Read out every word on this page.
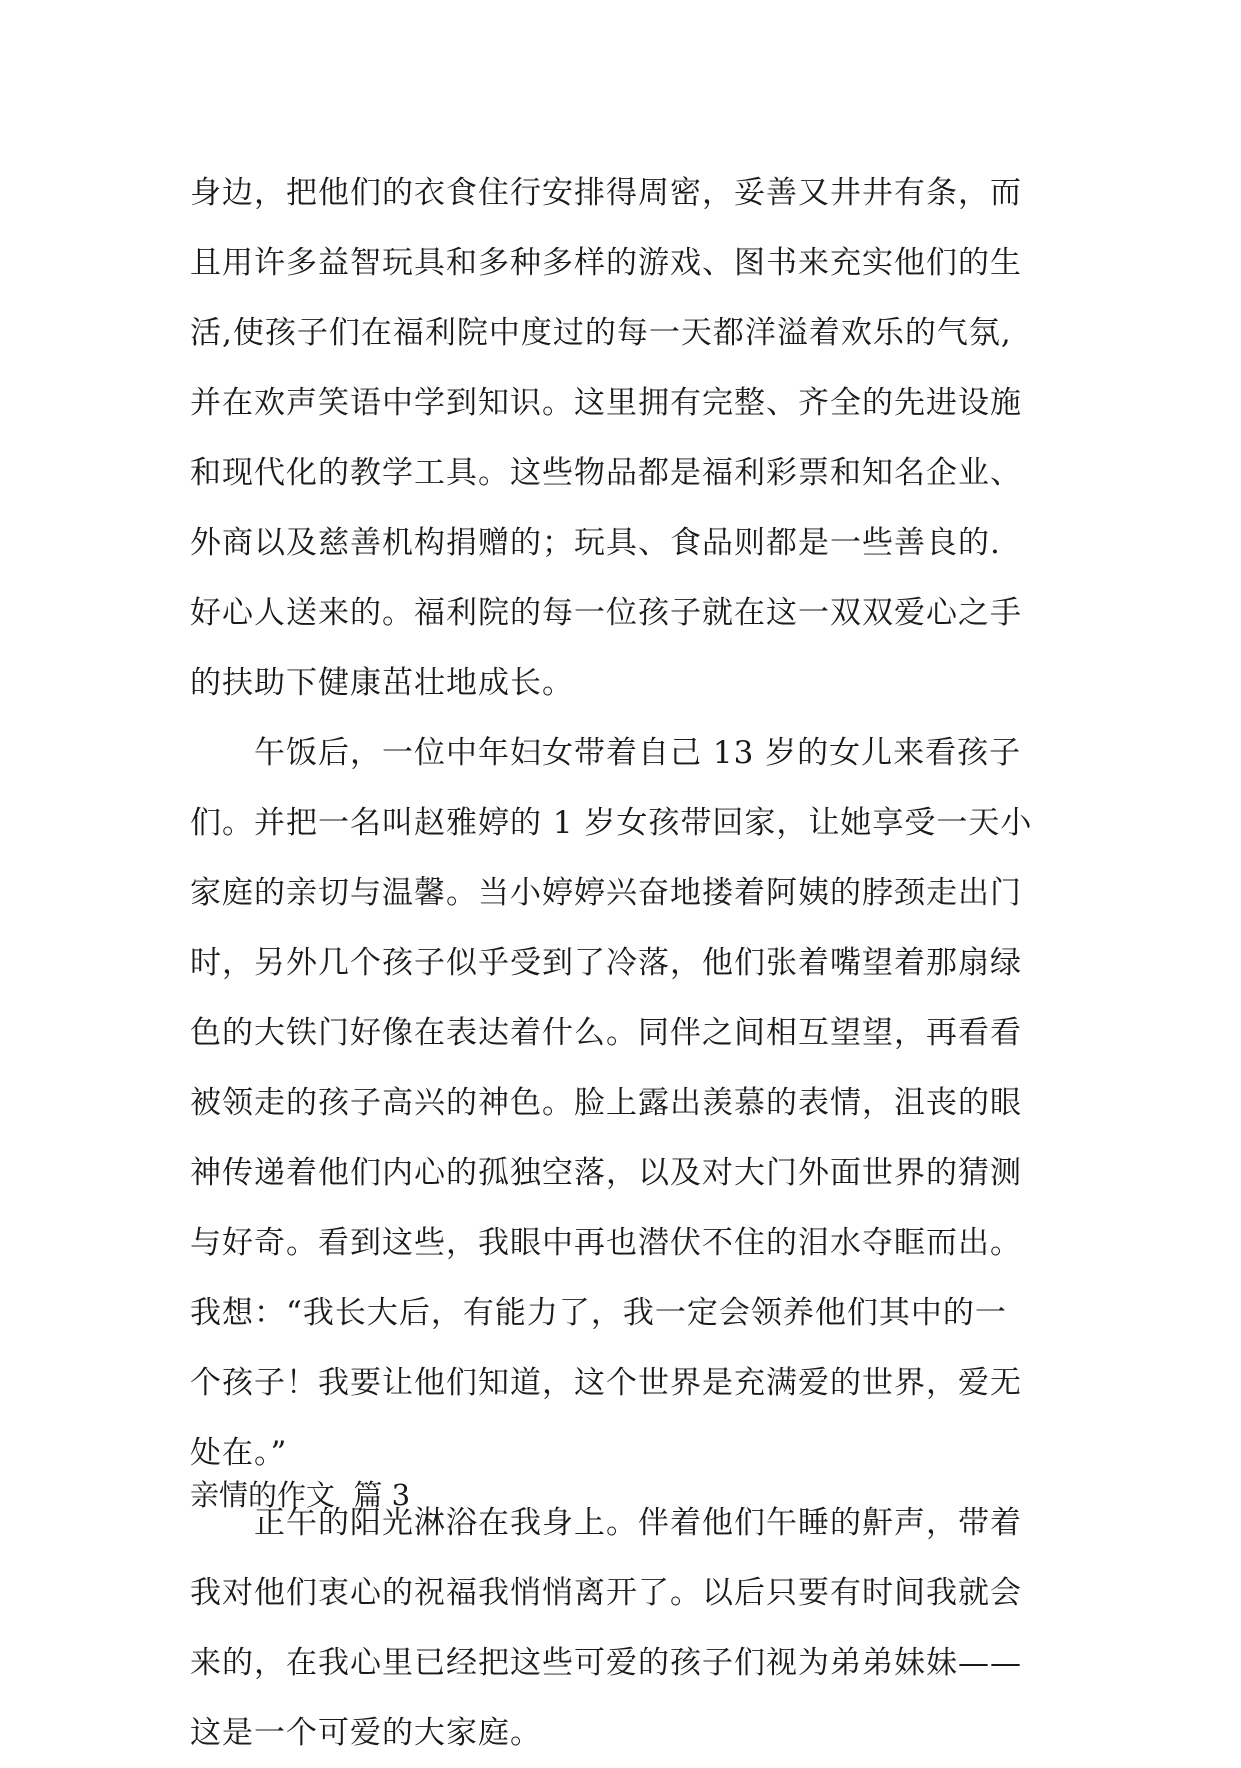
身边，把他们的衣食住行安排得周密，妥善又井井有条，而
且用许多益智玩具和多种多样的游戏、图书来充实他们的生
活,使孩子们在福利院中度过的每一天都洋溢着欢乐的气氛,
并在欢声笑语中学到知识。这里拥有完整、齐全的先进设施
和现代化的教学工具。这些物品都是福利彩票和知名企业、
外商以及慈善机构捐赠的；玩具、食品则都是一些善良的.
好心人送来的。福利院的每一位孩子就在这一双双爱心之手
的扶助下健康茁壮地成长。
午饭后，一位中年妇女带着自己 13 岁的女儿来看孩子
们。并把一名叫赵雅婷的 1 岁女孩带回家，让她享受一天小
家庭的亲切与温馨。当小婷婷兴奋地搂着阿姨的脖颈走出门
时，另外几个孩子似乎受到了冷落，他们张着嘴望着那扇绿
色的大铁门好像在表达着什么。同伴之间相互望望，再看看
被领走的孩子高兴的神色。脸上露出羡慕的表情，沮丧的眼
神传递着他们内心的孤独空落，以及对大门外面世界的猜测
与好奇。看到这些，我眼中再也潜伏不住的泪水夺眶而出。
我想：“我长大后，有能力了，我一定会领养他们其中的一
个孩子！我要让他们知道，这个世界是充满爱的世界，爱无
处在。”
正午的阳光淋浴在我身上。伴着他们午睡的鼾声，带着
我对他们衷心的祝福我悄悄离开了。以后只要有时间我就会
来的，在我心里已经把这些可爱的孩子们视为弟弟妹妹——
这是一个可爱的大家庭。
亲情的作文  篇 3
